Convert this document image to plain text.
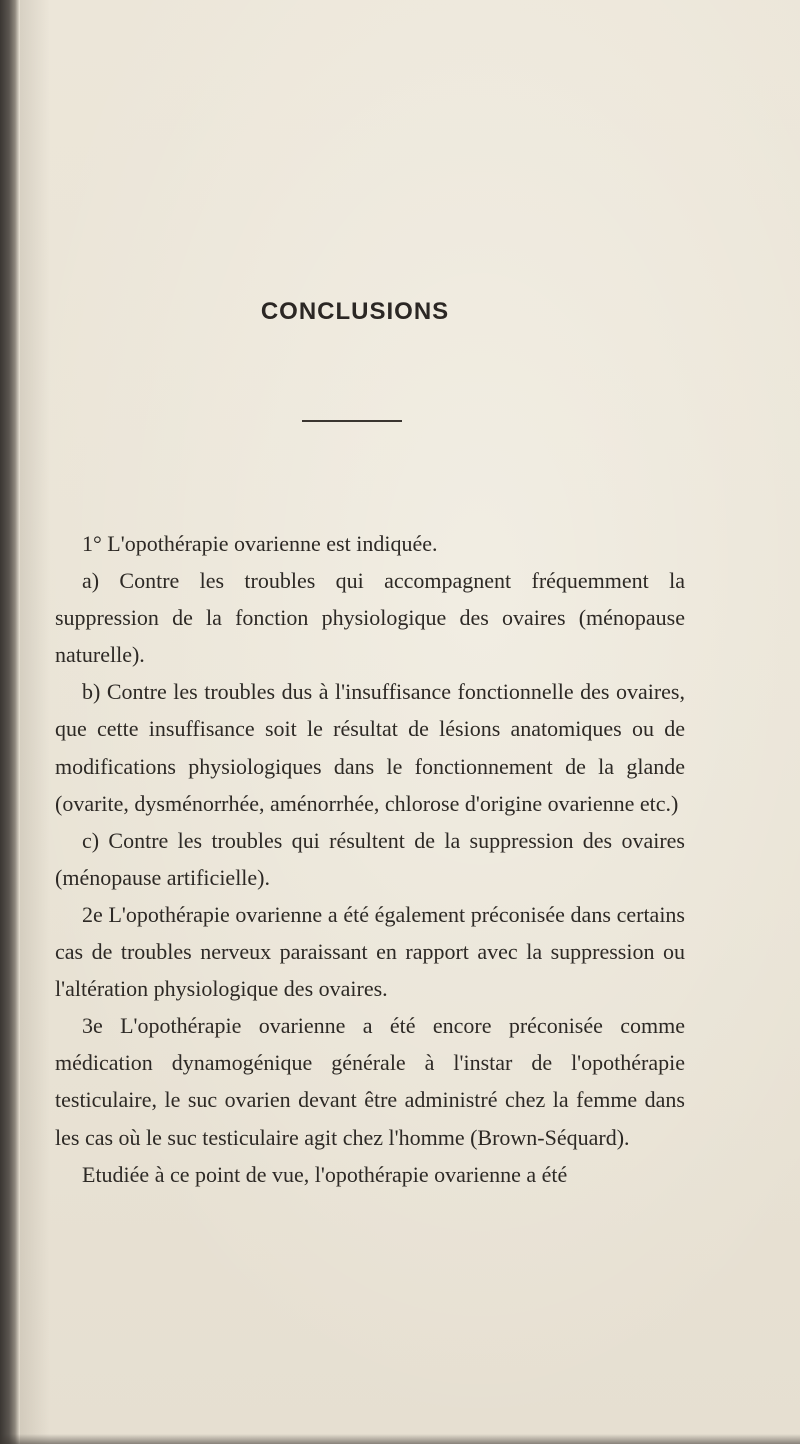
CONCLUSIONS

1° L'opothérapie ovarienne est indiquée.

a) Contre les troubles qui accompagnent fréquemment la suppression de la fonction physiologique des ovaires (ménopause naturelle).

b) Contre les troubles dus à l'insuffisance fonctionnelle des ovaires, que cette insuffisance soit le résultat de lésions anatomiques ou de modifications physiologiques dans le fonctionnement de la glande (ovarite, dysménorrhée, aménorrhée, chlorose d'origine ovarienne etc.)

c) Contre les troubles qui résultent de la suppression des ovaires (ménopause artificielle).

2e L'opothérapie ovarienne a été également préconisée dans certains cas de troubles nerveux paraissant en rapport avec la suppression ou l'altération physiologique des ovaires.

3e L'opothérapie ovarienne a été encore préconisée comme médication dynamogénique générale à l'instar de l'opothérapie testiculaire, le suc ovarien devant être administré chez la femme dans les cas où le suc testiculaire agit chez l'homme (Brown-Séquard).

Etudiée à ce point de vue, l'opothérapie ovarienne a été
